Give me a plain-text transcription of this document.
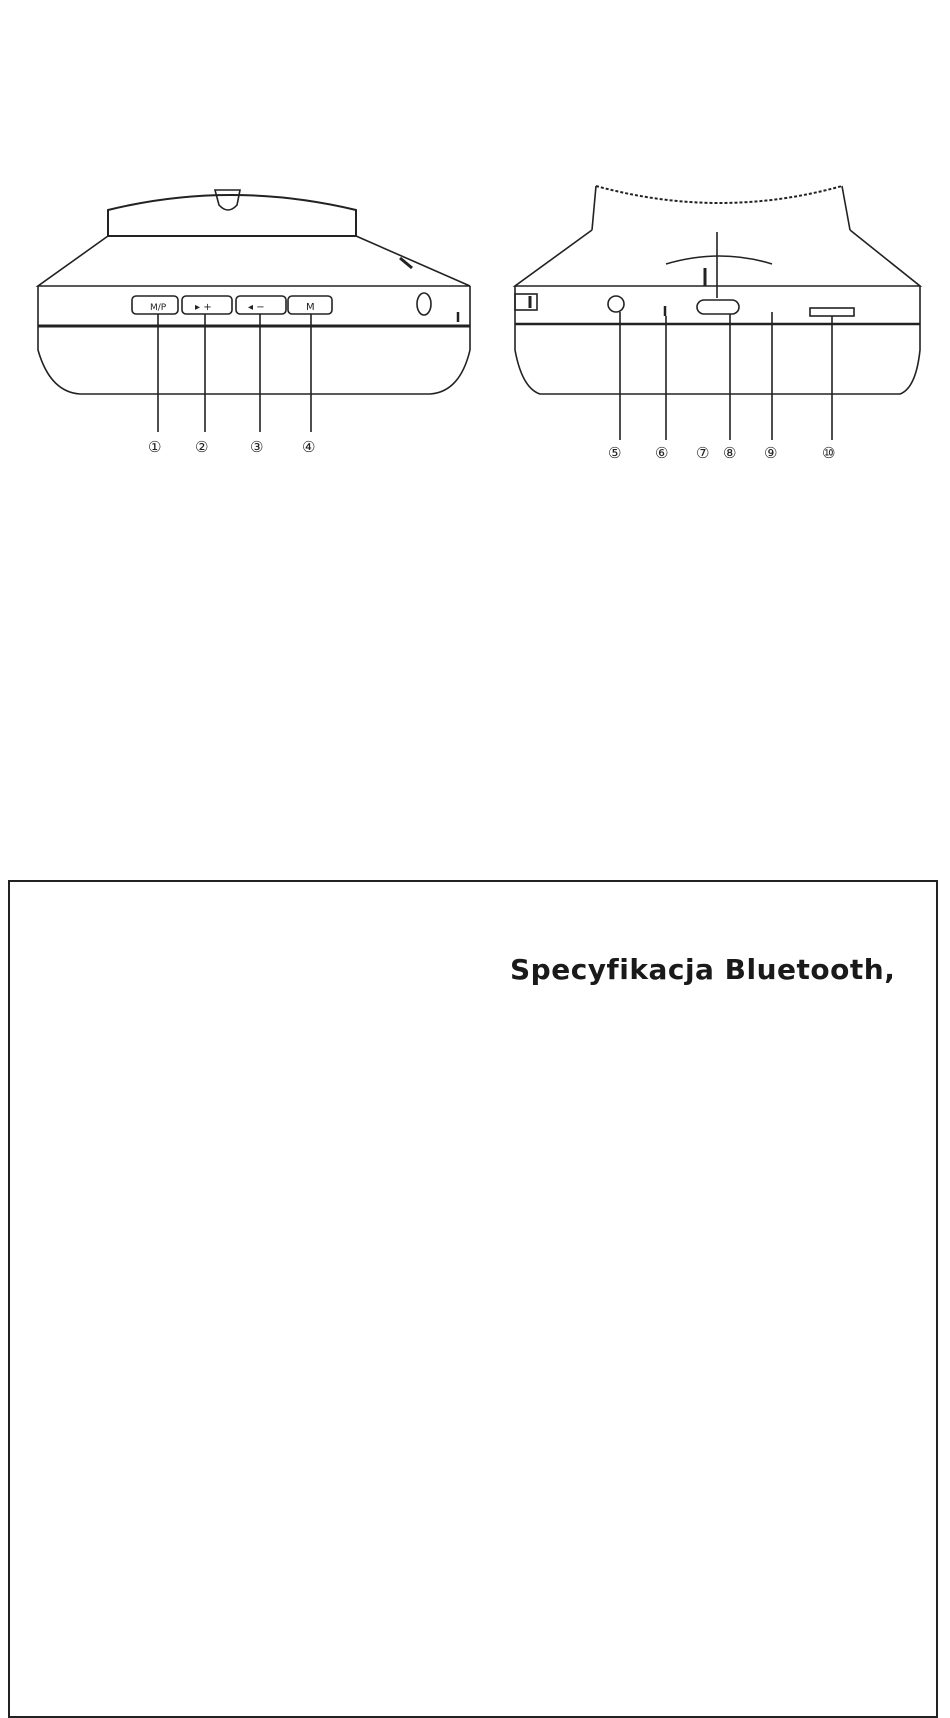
M/P	▸ +	◂ −	M
① ②	③	④	⑤ ⑥ ⑦ ⑧ ⑨	⑩
Specyfikacja Bluetooth,
